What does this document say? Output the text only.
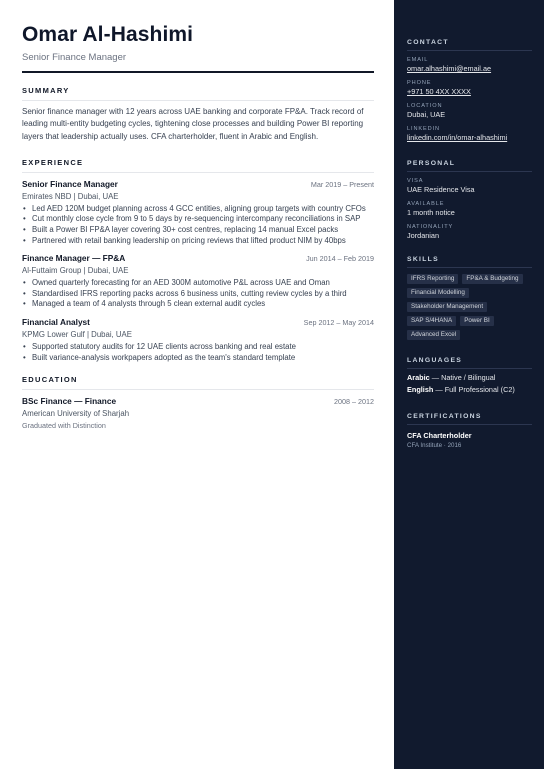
Omar Al-Hashimi
Senior Finance Manager
SUMMARY
Senior finance manager with 12 years across UAE banking and corporate FP&A. Track record of leading multi-entity budgeting cycles, tightening close processes and building Power BI reporting layers that leadership actually uses. CFA charterholder, fluent in Arabic and English.
EXPERIENCE
Senior Finance Manager	Mar 2019 – Present
Emirates NBD | Dubai, UAE
• Led AED 120M budget planning across 4 GCC entities, aligning group targets with country CFOs
• Cut monthly close cycle from 9 to 5 days by re-sequencing intercompany reconciliations in SAP
• Built a Power BI FP&A layer covering 30+ cost centres, replacing 14 manual Excel packs
• Partnered with retail banking leadership on pricing reviews that lifted product NIM by 40bps
Finance Manager — FP&A	Jun 2014 – Feb 2019
Al-Futtaim Group | Dubai, UAE
• Owned quarterly forecasting for an AED 300M automotive P&L across UAE and Oman
• Standardised IFRS reporting packs across 6 business units, cutting review cycles by a third
• Managed a team of 4 analysts through 5 clean external audit cycles
Financial Analyst	Sep 2012 – May 2014
KPMG Lower Gulf | Dubai, UAE
• Supported statutory audits for 12 UAE clients across banking and real estate
• Built variance-analysis workpapers adopted as the team's standard template
EDUCATION
BSc Finance — Finance	2008 – 2012
American University of Sharjah
Graduated with Distinction
CONTACT
EMAIL
omar.alhashimi@email.ae
PHONE
+971 50 4XX XXXX
LOCATION
Dubai, UAE
LINKEDIN
linkedin.com/in/omar-alhashimi
PERSONAL
VISA
UAE Residence Visa
AVAILABLE
1 month notice
NATIONALITY
Jordanian
SKILLS
IFRS Reporting	FP&A & Budgeting
Financial Modelling
Stakeholder Management
SAP S/4HANA	Power BI
Advanced Excel
LANGUAGES
Arabic — Native / Bilingual
English — Full Professional (C2)
CERTIFICATIONS
CFA Charterholder
CFA Institute · 2016
